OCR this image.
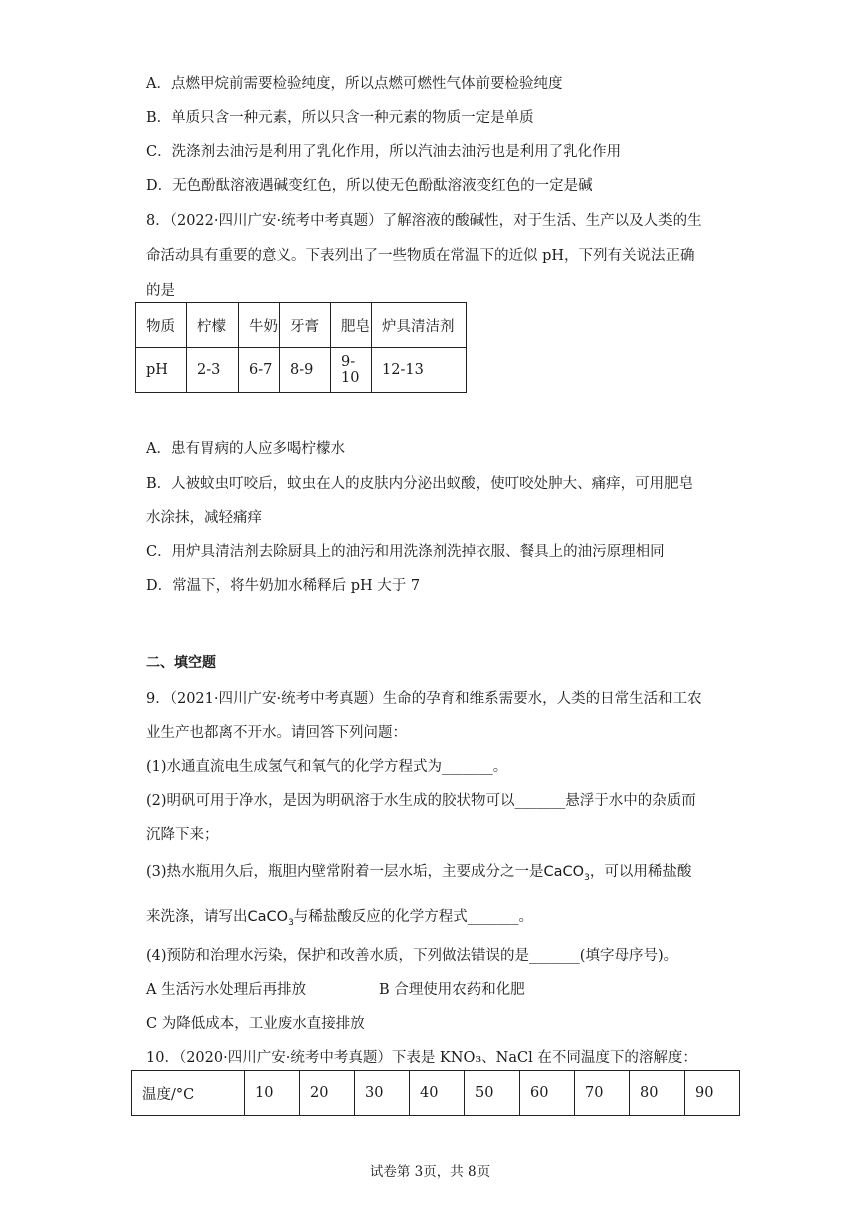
A．点燃甲烷前需要检验纯度，所以点燃可燃性气体前要检验纯度
B．单质只含一种元素，所以只含一种元素的物质一定是单质
C．洗涤剂去油污是利用了乳化作用，所以汽油去油污也是利用了乳化作用
D．无色酚酞溶液遇碱变红色，所以使无色酚酞溶液变红色的一定是碱
8．（2022·四川广安·统考中考真题）了解溶液的酸碱性，对于生活、生产以及人类的生
命活动具有重要的意义。下表列出了一些物质在常温下的近似 pH，下列有关说法正确
的是
物质	柠檬	牛奶	牙膏	肥皂	炉具清洁剂
pH	2-3	6-7	8-9	9-10	12-13
A．患有胃病的人应多喝柠檬水
B．人被蚊虫叮咬后，蚊虫在人的皮肤内分泌出蚁酸，使叮咬处肿大、痛痒，可用肥皂
水涂抹，减轻痛痒
C．用炉具清洁剂去除厨具上的油污和用洗涤剂洗掉衣服、餐具上的油污原理相同
D．常温下，将牛奶加水稀释后 pH 大于 7
二、填空题
9．（2021·四川广安·统考中考真题）生命的孕育和维系需要水，人类的日常生活和工农
业生产也都离不开水。请回答下列问题：
(1)水通直流电生成氢气和氧气的化学方程式为_______。
(2)明矾可用于净水，是因为明矾溶于水生成的胶状物可以_______悬浮于水中的杂质而
沉降下来；
(3)热水瓶用久后，瓶胆内壁常附着一层水垢，主要成分之一是CaCO$_3$，可以用稀盐酸
来洗涤，请写出CaCO$_3$与稀盐酸反应的化学方程式_______。
(4)预防和治理水污染，保护和改善水质，下列做法错误的是_______(填字母序号)。
A 生活污水处理后再排放	B 合理使用农药和化肥
C 为降低成本，工业废水直接排放
10．（2020·四川广安·统考中考真题）下表是 KNO₃、NaCl 在不同温度下的溶解度：
温度/°C	10	20	30	40	50	60	70	80	90
试卷第 3页，共 8页
